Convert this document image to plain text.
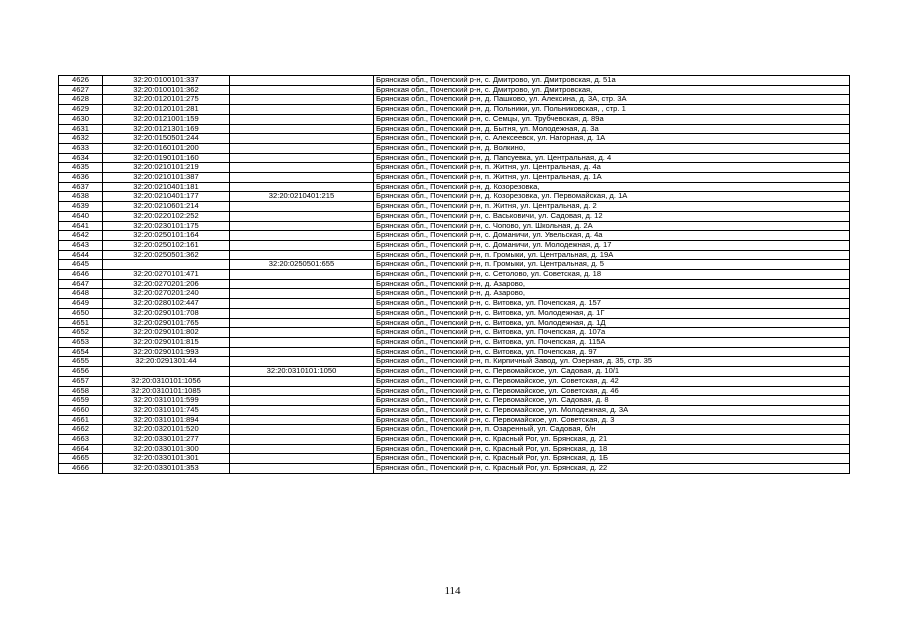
4626	32:20:0100101:337		Брянская обл., Почепский р-н, с. Дмитрово, ул. Дмитровская, д. 51а
4627	32:20:0100101:362		Брянская обл., Почепский р-н, с. Дмитрово, ул. Дмитровская,
4628	32:20:0120101:275		Брянская обл., Почепский р-н, д. Пашково, ул. Алексина, д. 3А, стр. 3А
4629	32:20:0120101:281		Брянская обл., Почепский р-н, д. Польники, ул. Польниковская, , стр. 1
4630	32:20:0121001:159		Брянская обл., Почепский р-н, с. Семцы, ул. Трубчевская, д. 89а
4631	32:20:0121301:169		Брянская обл., Почепский р-н, д. Бытня, ул. Молодежная, д. 3а
4632	32:20:0150501:244		Брянская обл., Почепский р-н, с. Алексеевск, ул. Нагорная, д. 1А
4633	32:20:0160101:200		Брянская обл., Почепский р-н, д. Волкино,
4634	32:20:0190101:160		Брянская обл., Почепский р-н, д. Папсуевка, ул. Центральная, д. 4
4635	32:20:0210101:219		Брянская обл., Почепский р-н, п. Житня, ул. Центральная, д. 4а
4636	32:20:0210101:387		Брянская обл., Почепский р-н, п. Житня, ул. Центральная, д. 1А
4637	32:20:0210401:181		Брянская обл., Почепский р-н, д. Козорезовка,
4638	32:20:0210401:177	32:20:0210401:215	Брянская обл., Почепский р-н, д. Козорезовка, ул. Первомайская, д. 1А
4639	32:20:0210601:214		Брянская обл., Почепский р-н, п. Житня, ул. Центральная, д. 2
4640	32:20:0220102:252		Брянская обл., Почепский р-н, с. Васьковичи, ул. Садовая, д. 12
4641	32:20:0230101:175		Брянская обл., Почепский р-н, с. Чопово, ул. Школьная, д. 2А
4642	32:20:0250101:164		Брянская обл., Почепский р-н, с. Доманичи, ул. Увельская, д. 4а
4643	32:20:0250102:161		Брянская обл., Почепский р-н, с. Доманичи, ул. Молодежная, д. 17
4644	32:20:0250501:362		Брянская обл., Почепский р-н, п. Громыки, ул. Центральная, д. 19А
4645		32:20:0250501:655	Брянская обл., Почепский р-н, п. Громыки, ул. Центральная, д. 5
4646	32:20:0270101:471		Брянская обл., Почепский р-н, с. Сетолово, ул. Советская, д. 18
4647	32:20:0270201:206		Брянская обл., Почепский р-н, д. Азарово,
4648	32:20:0270201:240		Брянская обл., Почепский р-н, д. Азарово,
4649	32:20:0280102:447		Брянская обл., Почепский р-н, с. Витовка, ул. Почепская, д. 157
4650	32:20:0290101:708		Брянская обл., Почепский р-н, с. Витовка, ул. Молодежная, д. 1Г
4651	32:20:0290101:765		Брянская обл., Почепский р-н, с. Витовка, ул. Молодежная, д. 1Д
4652	32:20:0290101:802		Брянская обл., Почепский р-н, с. Витовка, ул. Почепская, д. 107а
4653	32:20:0290101:815		Брянская обл., Почепский р-н, с. Витовка, ул. Почепская, д. 115А
4654	32:20:0290101:993		Брянская обл., Почепский р-н, с. Витовка, ул. Почепская, д. 97
4655	32:20:0291301:44		Брянская обл., Почепский р-н, п. Кирпичный Завод, ул. Озерная, д. 35, стр. 35
4656		32:20:0310101:1050	Брянская обл., Почепский р-н, с. Первомайское, ул. Садовая, д. 10/1
4657	32:20:0310101:1056		Брянская обл., Почепский р-н, с. Первомайское, ул. Советская, д. 42
4658	32:20:0310101:1085		Брянская обл., Почепский р-н, с. Первомайское, ул. Советская, д. 46
4659	32:20:0310101:599		Брянская обл., Почепский р-н, с. Первомайское, ул. Садовая, д. 8
4660	32:20:0310101:745		Брянская обл., Почепский р-н, с. Первомайское, ул. Молодежная, д. 3А
4661	32:20:0310101:894		Брянская обл., Почепский р-н, с. Первомайское, ул. Советская, д. 3
4662	32:20:0320101:520		Брянская обл., Почепский р-н, п. Озаренный, ул. Садовая, б/н
4663	32:20:0330101:277		Брянская обл., Почепский р-н, с. Красный Рог, ул. Брянская, д. 21
4664	32:20:0330101:300		Брянская обл., Почепский р-н, с. Красный Рог, ул. Брянская, д. 18
4665	32:20:0330101:301		Брянская обл., Почепский р-н, с. Красный Рог, ул. Брянская, д. 1Б
4666	32:20:0330101:353		Брянская обл., Почепский р-н, с. Красный Рог, ул. Брянская, д. 22
114
